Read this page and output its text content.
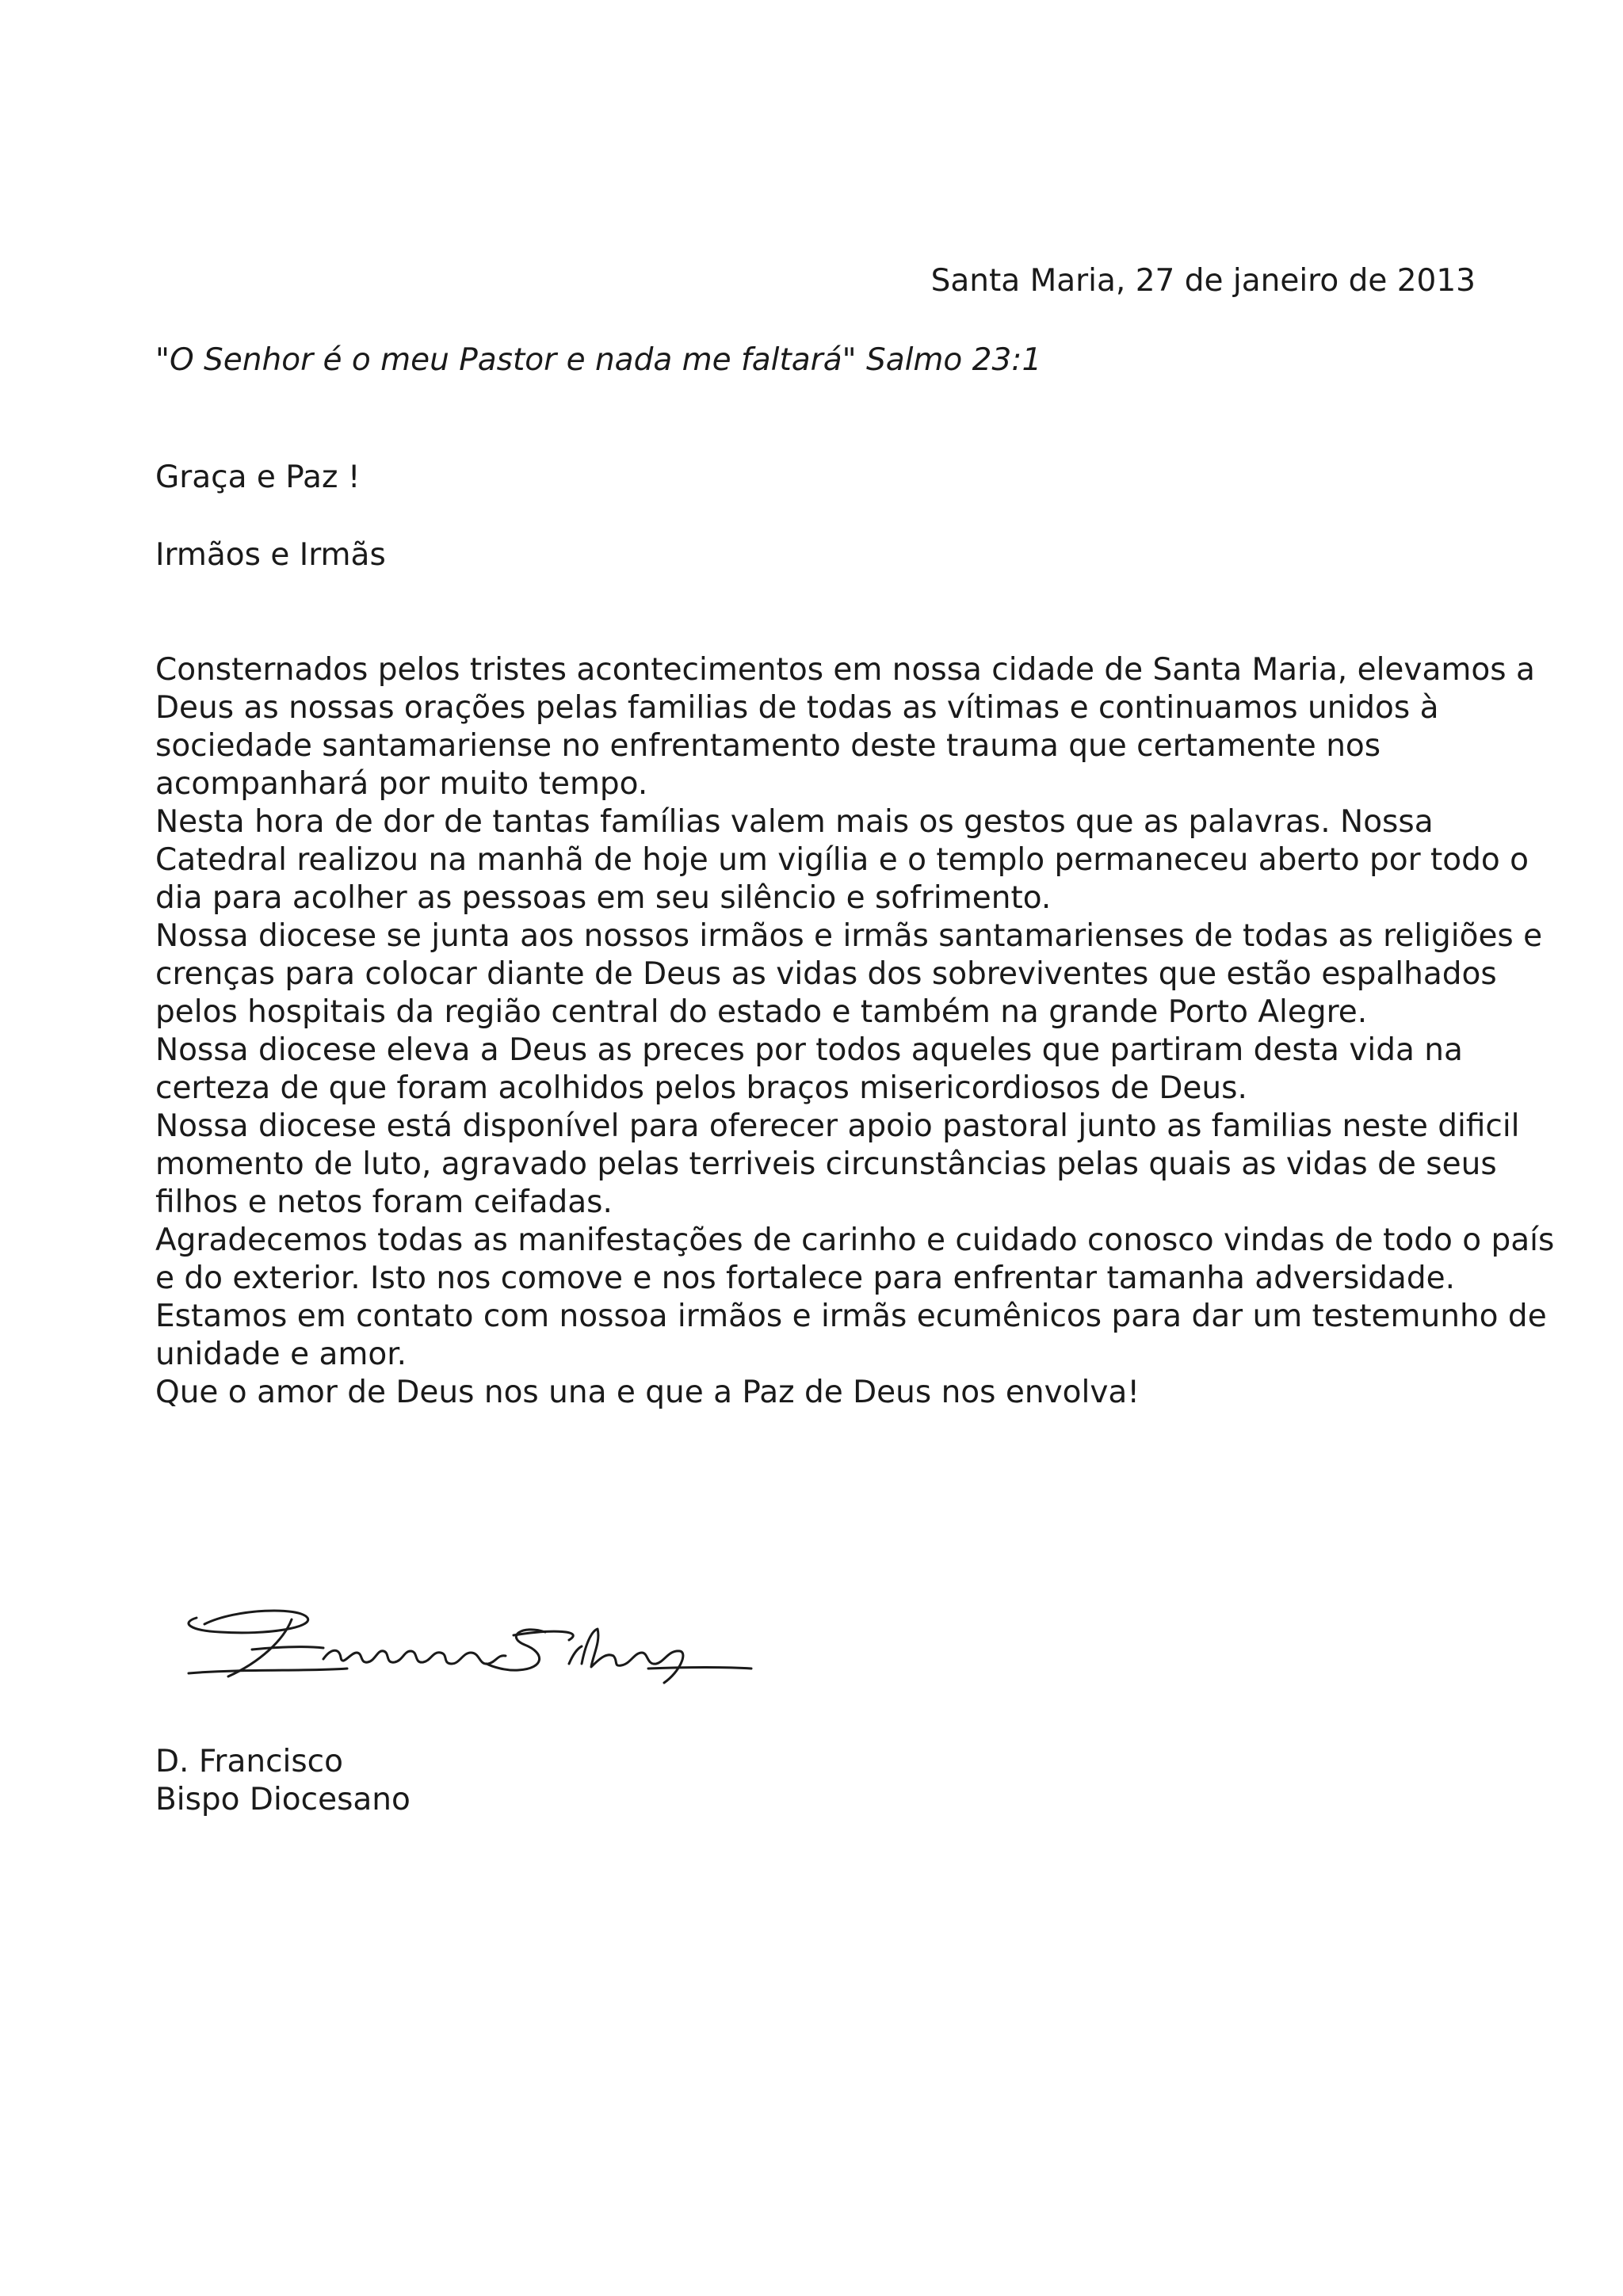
Santa Maria, 27 de janeiro de 2013
"O Senhor é o meu Pastor e nada me faltará" Salmo 23:1
Graça e Paz !
Irmãos e Irmãs
Consternados pelos tristes acontecimentos em nossa cidade de Santa Maria, elevamos a
Deus as nossas orações pelas familias de todas as vítimas e continuamos unidos à
sociedade santamariense no enfrentamento deste trauma que certamente nos
acompanhará por muito tempo.
Nesta hora de dor de tantas famílias valem mais os gestos que as palavras. Nossa
Catedral realizou na manhã de hoje um vigília e o templo permaneceu aberto por todo o
dia para acolher as pessoas em seu silêncio e sofrimento.
Nossa diocese se junta aos nossos irmãos e irmãs santamarienses de todas as religiões e
crenças para colocar diante de Deus as vidas dos sobreviventes que estão espalhados
pelos hospitais da região central do estado e também na grande Porto Alegre.
Nossa diocese eleva a Deus as preces por todos aqueles que partiram desta vida na
certeza de que foram acolhidos pelos braços misericordiosos de Deus.
Nossa diocese está disponível para oferecer apoio pastoral junto as familias neste dificil
momento de luto, agravado pelas terriveis circunstâncias pelas quais as vidas de seus
filhos e netos foram ceifadas.
Agradecemos todas as manifestações de carinho e cuidado conosco vindas de todo o país
e do exterior. Isto nos comove e nos fortalece para enfrentar tamanha adversidade.
Estamos em contato com nossoa irmãos e irmãs ecumênicos para dar um testemunho de
unidade e amor.
Que o amor de Deus nos una e que a Paz de Deus nos envolva!
D. Francisco
Bispo Diocesano
